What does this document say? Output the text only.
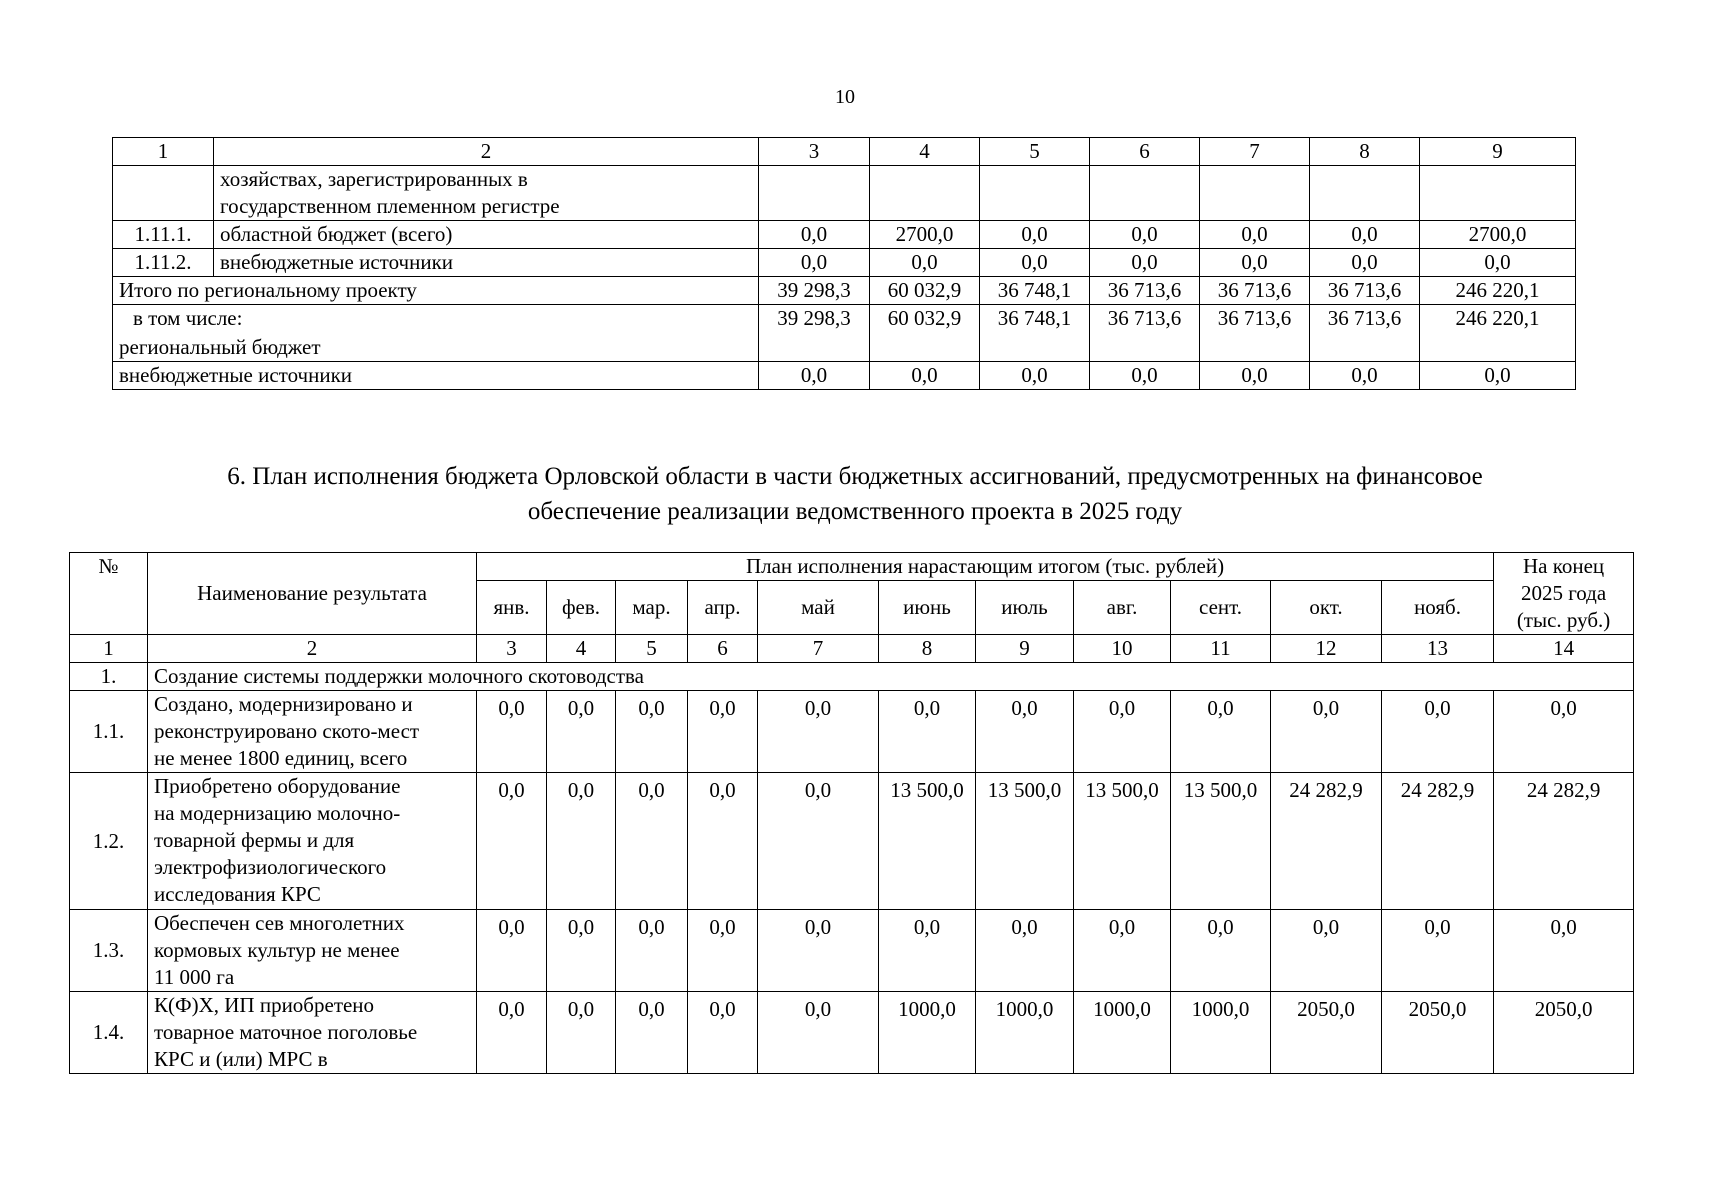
10
1	2	3	4	5	6	7	8	9

	хозяйствах, зарегистрированных в
государственном племенном регистре							

1.11.1.	областной бюджет (всего)	0,0	2700,0	0,0	0,0	0,0	0,0	2700,0
1.11.2.	внебюджетные источники	0,0	0,0	0,0	0,0	0,0	0,0	0,0
Итого по региональному проекту		39 298,3	60 032,9	36 748,1	36 713,6	36 713,6	36 713,6	246 220,1

в том числе:
региональный бюджет		39 298,3	60 032,9	36 748,1	36 713,6	36 713,6	36 713,6	246 220,1
внебюджетные источники		0,0	0,0	0,0	0,0	0,0	0,0	0,0
6. План исполнения бюджета Орловской области в части бюджетных ассигнований, предусмотренных на финансовое
обеспечение реализации ведомственного проекта в 2025 году
№	Наименование результата	План исполнения нарастающим итогом (тыс. рублей)											На конец
2025 года
(тыс. руб.)

		янв.	фев.	мар.	апр.	май	июнь	июль	авг.	сент.	окт.	нояб.	
1	2	3	4	5	6	7	8	9	10	11	12	13	14
1.	Создание системы поддержки молочного скотоводства												
1.1.	Создано, модернизировано и
реконструировано ското-мест
не менее 1800 единиц, всего	0,0	0,0	0,0	0,0	0,0	0,0	0,0	0,0	0,0	0,0	0,0	0,0
1.2.	Приобретено оборудование
на модернизацию молочно-
товарной фермы и для
электрофизиологического
исследования КРС	0,0	0,0	0,0	0,0	0,0	13 500,0	13 500,0	13 500,0	13 500,0	24 282,9	24 282,9	24 282,9
1.3.	Обеспечен сев многолетних
кормовых культур не менее
11 000 га	0,0	0,0	0,0	0,0	0,0	0,0	0,0	0,0	0,0	0,0	0,0	0,0
1.4.	К(Ф)Х, ИП приобретено
товарное маточное поголовье
КРС и (или) МРС в	0,0	0,0	0,0	0,0	0,0	1000,0	1000,0	1000,0	1000,0	2050,0	2050,0	2050,0
